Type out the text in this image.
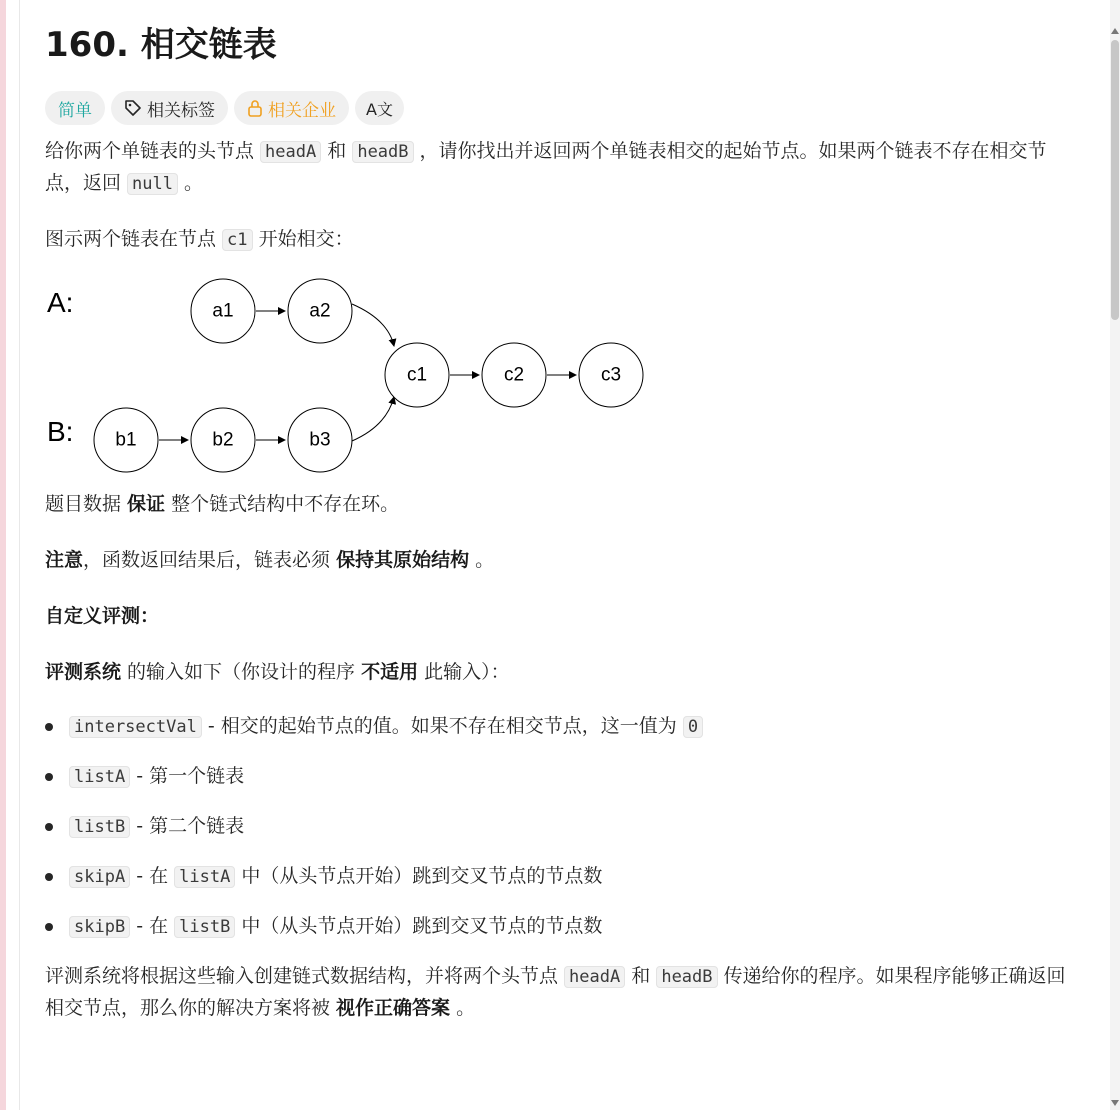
160. 相交链表
简单	相关标签	相关企业 A文

给你两个单链表的头节点 headA 和 headB ，请你找出并返回两个单链表相交的起始节点。如果两个链表不存在相交节点，返回 null 。

图示两个链表在节点 c1 开始相交：

A:
B:
a1	a2
b1	b2	b3
c1	c2	c3

题目数据 保证 整个链式结构中不存在环。

注意，函数返回结果后，链表必须 保持其原始结构 。

自定义评测：

评测系统 的输入如下（你设计的程序 不适用 此输入）：

intersectVal - 相交的起始节点的值。如果不存在相交节点，这一值为 0
listA - 第一个链表
listB - 第二个链表
skipA - 在 listA 中（从头节点开始）跳到交叉节点的节点数
skipB - 在 listB 中（从头节点开始）跳到交叉节点的节点数

评测系统将根据这些输入创建链式数据结构，并将两个头节点 headA 和 headB 传递给你的程序。如果程序能够正确返回相交节点，那么你的解决方案将被 视作正确答案 。
